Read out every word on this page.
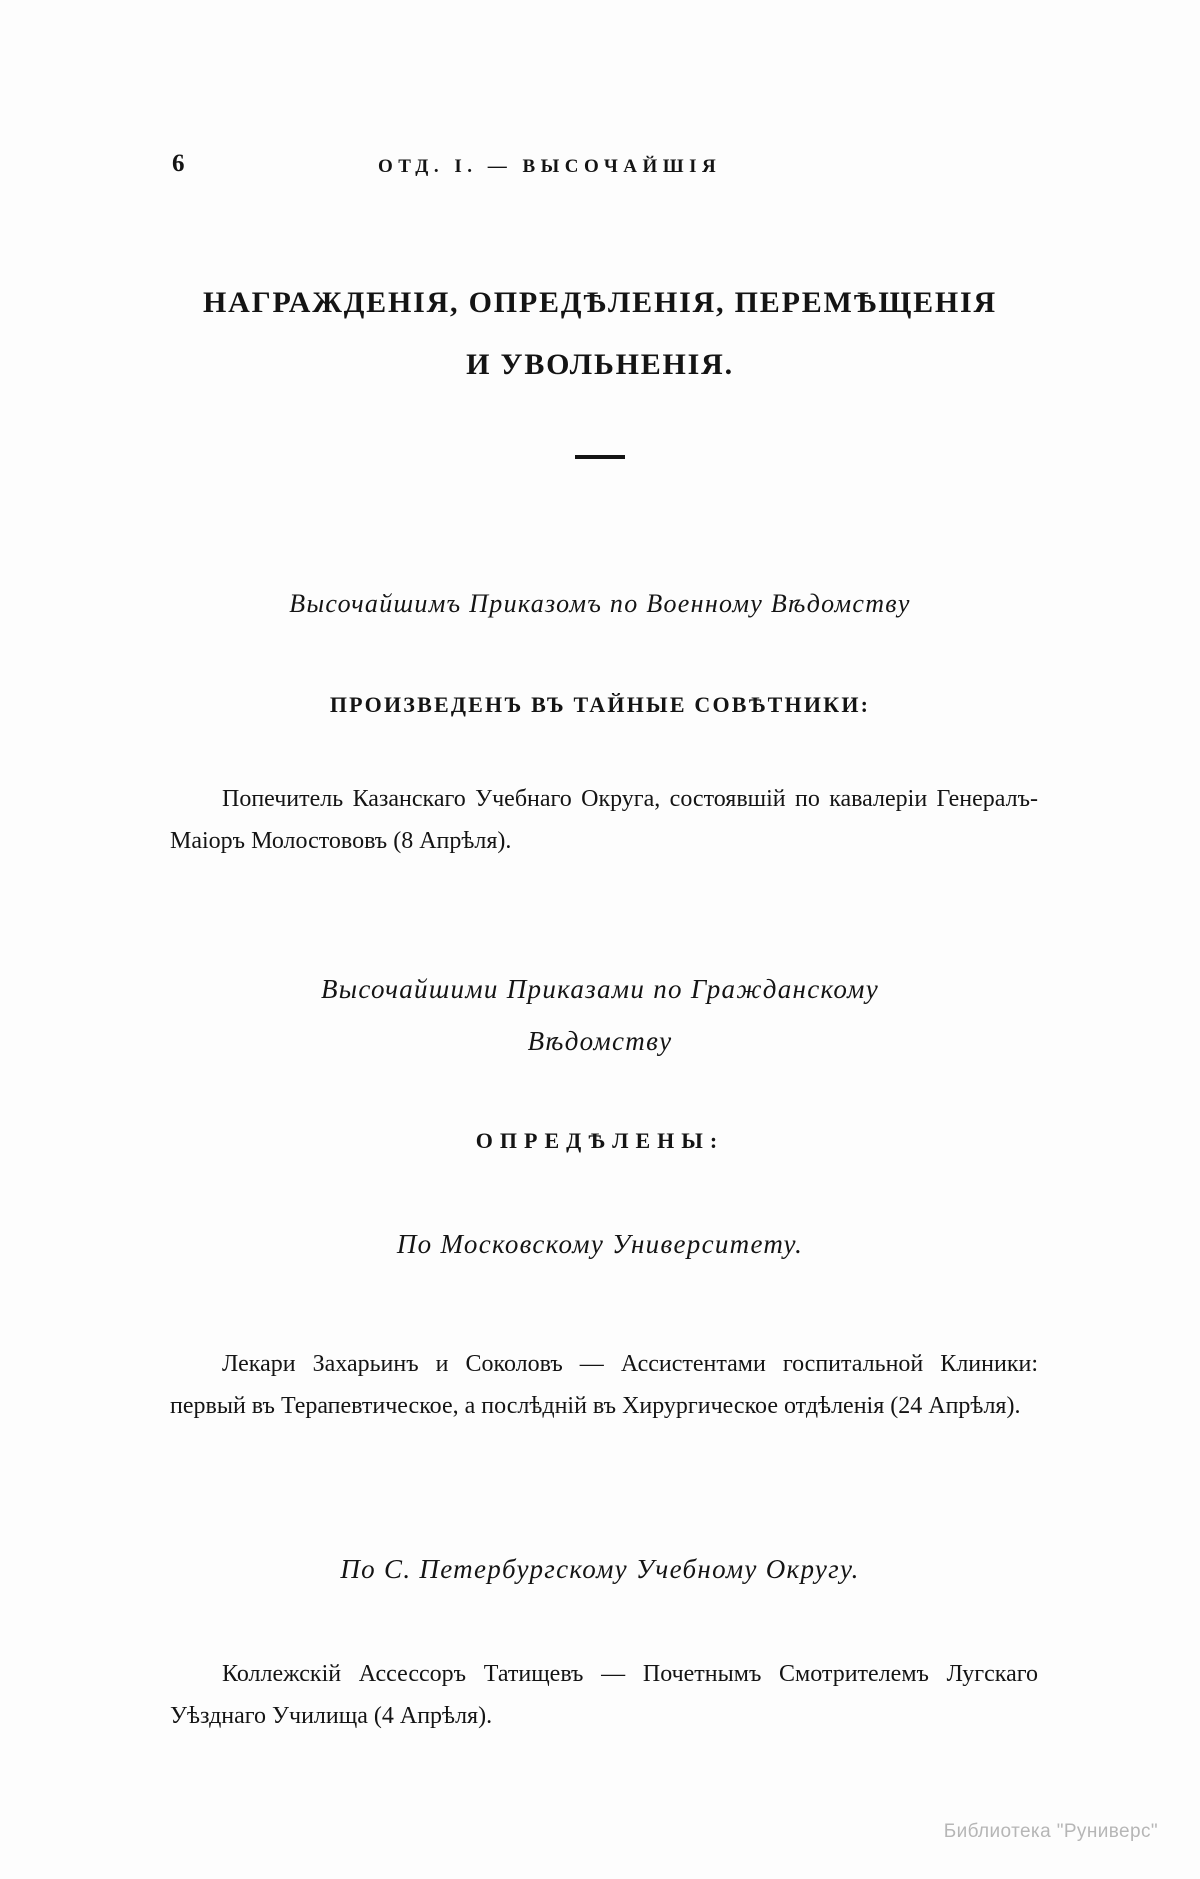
6	ОТД. I. — ВЫСОЧАЙШІЯ
НАГРАЖДЕНІЯ, ОПРЕДѢЛЕНІЯ, ПЕРЕМѢЩЕНІЯ
И УВОЛЬНЕНІЯ.
Высочайшимъ Приказомъ по Военному Вѣдомству
ПРОИЗВЕДЕНЪ ВЪ ТАЙНЫЕ СОВѢТНИКИ:
Попечитель Казанскаго Учебнаго Округа, состоявшій по кавалеріи Генералъ-Маіоръ Молостововъ (8 Апрѣля).
Высочайшими Приказами по Гражданскому
Вѣдомству
ОПРЕДѢЛЕНЫ:
По Московскому Университету.
Лекари Захарьинъ и Соколовъ — Ассистентами госпитальной Клиники: первый въ Терапевтическое, а послѣдній въ Хирургическое отдѣленія (24 Апрѣля).
По С. Петербургскому Учебному Округу.
Коллежскій Ассессоръ Татищевъ — Почетнымъ Смотрителемъ Лугскаго Уѣзднаго Училища (4 Апрѣля).
Библиотека "Руниверс"
